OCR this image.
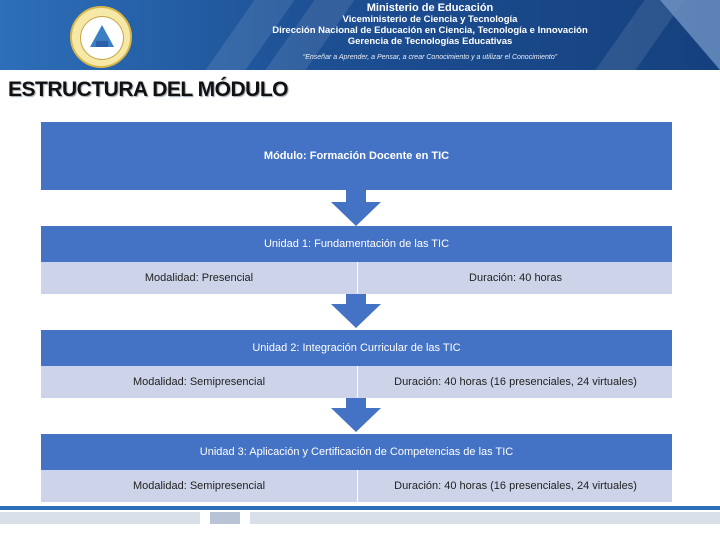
Ministerio de Educación
Viceministerio de Ciencia y Tecnología
Dirección Nacional de Educación en Ciencia, Tecnología e Innovación
Gerencia de Tecnologías Educativas
“Enseñar a Aprender, a Pensar, a crear Conocimiento y a utilizar el Conocimiento”
ESTRUCTURA DEL MÓDULO
Módulo: Formación Docente en TIC
Unidad 1: Fundamentación de las TIC
Modalidad: Presencial	Duración: 40 horas
Unidad 2: Integración Curricular de las TIC
Modalidad: Semipresencial	Duración: 40 horas (16 presenciales, 24 virtuales)
Unidad 3: Aplicación y Certificación de Competencias de las TIC
Modalidad: Semipresencial	Duración: 40 horas (16 presenciales, 24 virtuales)
